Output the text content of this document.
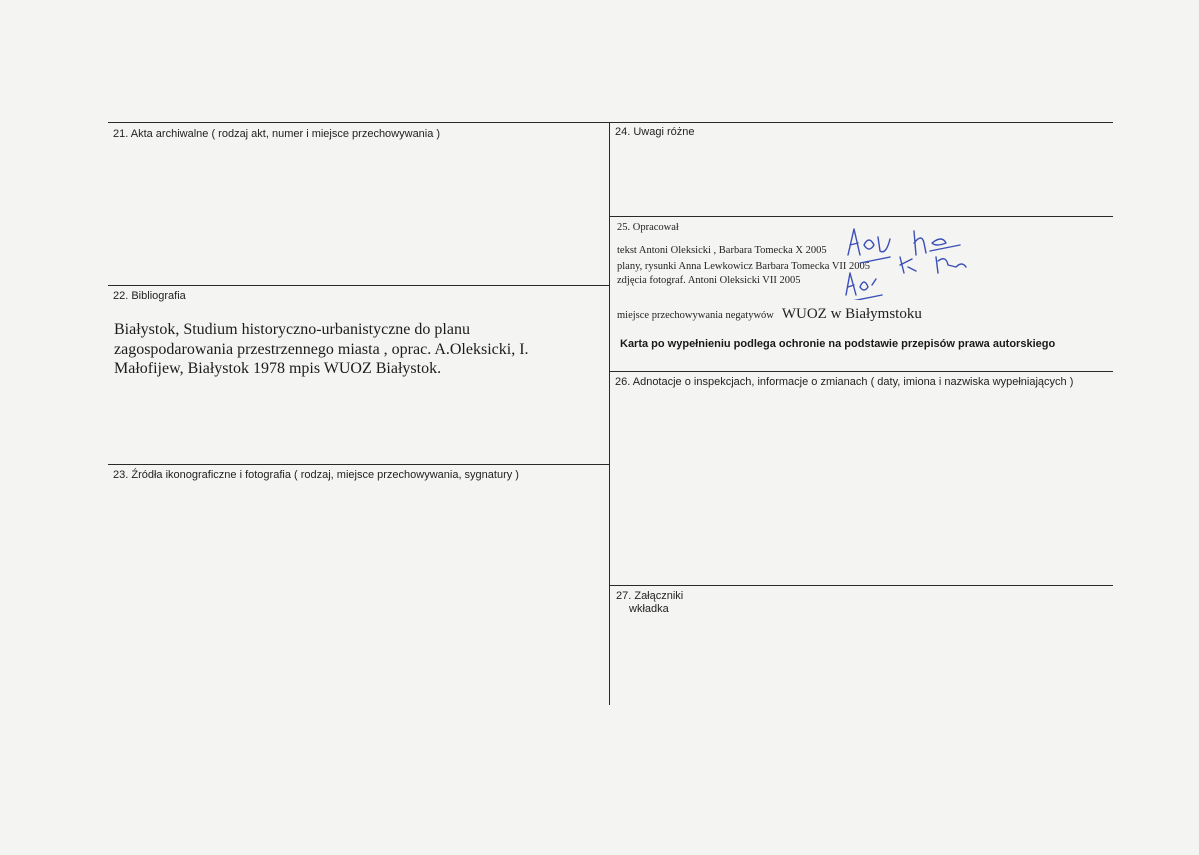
21. Akta archiwalne ( rodzaj akt, numer i miejsce przechowywania )
22. Bibliografia
Białystok, Studium historyczno-urbanistyczne do planu zagospodarowania przestrzennego miasta , oprac. A.Oleksicki, I. Małofijew, Białystok 1978 mpis WUOZ Białystok.
23. Źródła ikonograficzne i fotografia ( rodzaj, miejsce przechowywania, sygnatury )
24. Uwagi różne
25. Opracował
tekst Antoni Oleksicki , Barbara Tomecka X 2005
plany, rysunki Anna Lewkowicz Barbara Tomecka VII 2005
zdjęcia fotograf. Antoni Oleksicki VII 2005
miejsce przechowywania negatywów WUOZ w Białymstoku
Karta po wypełnieniu podlega ochronie na podstawie przepisów prawa autorskiego
26. Adnotacje o inspekcjach, informacje o zmianach ( daty, imiona i nazwiska wypełniających )
27. Załączniki
wkładka
